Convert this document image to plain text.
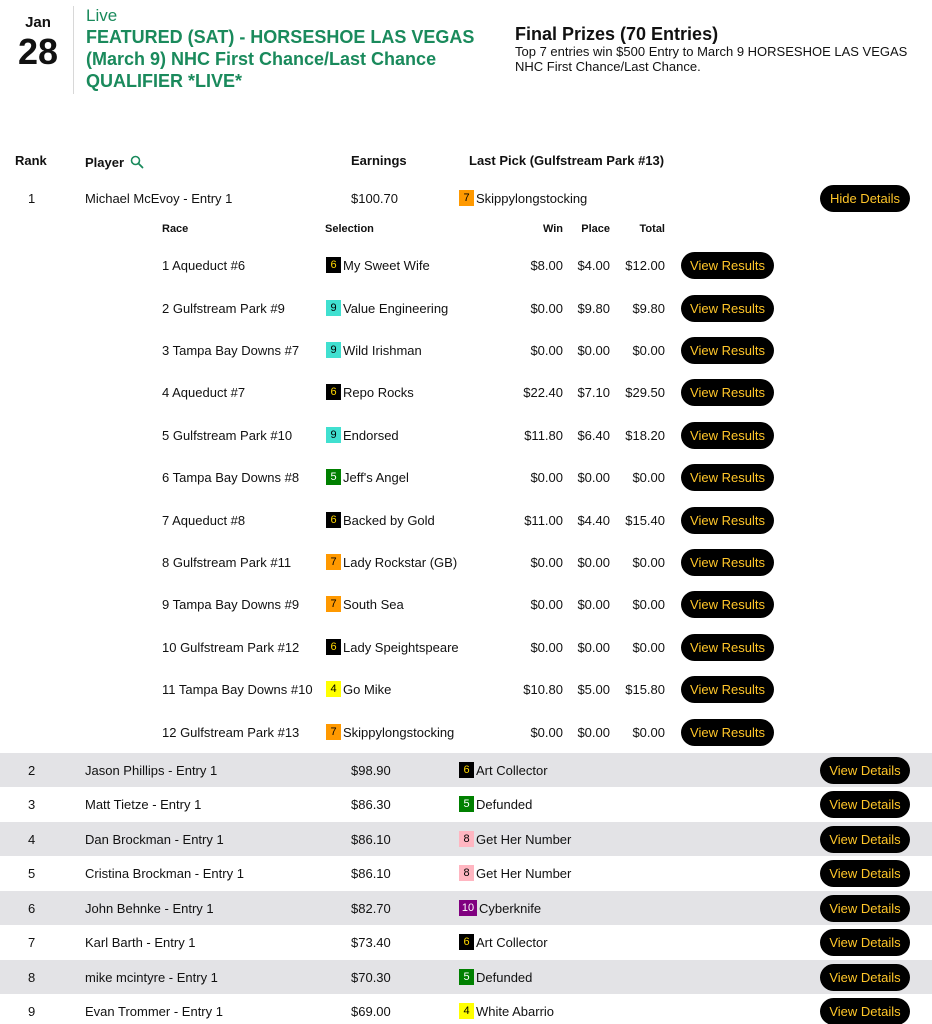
Jan
28
Live
FEATURED (SAT) - HORSESHOE LAS VEGAS (March 9) NHC First Chance/Last Chance QUALIFIER *LIVE*
Final Prizes (70 Entries)
Top 7 entries win $500 Entry to March 9 HORSESHOE LAS VEGAS NHC First Chance/Last Chance.
Rank	Player	Earnings	Last Pick (Gulfstream Park #13)
Race	Selection	Win	Place	Total
1	Michael McEvoy - Entry 1	$100.70	7 Skippylongstocking	Hide Details
1 Aqueduct #6	6 My Sweet Wife	$8.00	$4.00	$12.00	View Results
2 Gulfstream Park #9	9 Value Engineering	$0.00	$9.80	$9.80	View Results
3 Tampa Bay Downs #7	9 Wild Irishman	$0.00	$0.00	$0.00	View Results
4 Aqueduct #7	6 Repo Rocks	$22.40	$7.10	$29.50	View Results
5 Gulfstream Park #10	9 Endorsed	$11.80	$6.40	$18.20	View Results
6 Tampa Bay Downs #8	5 Jeff's Angel	$0.00	$0.00	$0.00	View Results
7 Aqueduct #8	6 Backed by Gold	$11.00	$4.40	$15.40	View Results
8 Gulfstream Park #11	7 Lady Rockstar (GB)	$0.00	$0.00	$0.00	View Results
9 Tampa Bay Downs #9	7 South Sea	$0.00	$0.00	$0.00	View Results
10 Gulfstream Park #12	6 Lady Speightspeare	$0.00	$0.00	$0.00	View Results
11 Tampa Bay Downs #10	4 Go Mike	$10.80	$5.00	$15.80	View Results
12 Gulfstream Park #13	7 Skippylongstocking	$0.00	$0.00	$0.00	View Results
2	Jason Phillips - Entry 1	$98.90	6 Art Collector	View Details
3	Matt Tietze - Entry 1	$86.30	5 Defunded	View Details
4	Dan Brockman - Entry 1	$86.10	8 Get Her Number	View Details
5	Cristina Brockman - Entry 1	$86.10	8 Get Her Number	View Details
6	John Behnke - Entry 1	$82.70	10 Cyberknife	View Details
7	Karl Barth - Entry 1	$73.40	6 Art Collector	View Details
8	mike mcintyre - Entry 1	$70.30	5 Defunded	View Details
9	Evan Trommer - Entry 1	$69.00	4 White Abarrio	View Details
